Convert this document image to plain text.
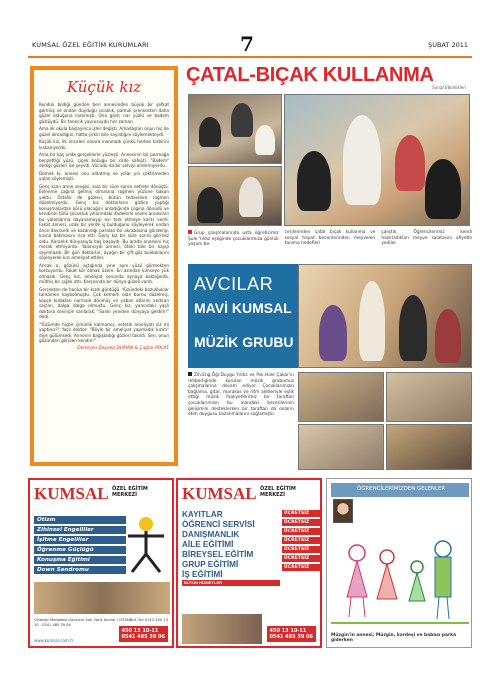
KUMSAL ÖZEL EĞİTİM KURUMLARI	7	ŞUBAT 2011
Küçük kız

Kendini bildiği günden beri annesinden büyük bir şefkat görmüş ve ondan duyduğu sıcaklık, pamuk prensesten daha güzel olduğuna inanmıştı. Ona göre; nar yüzlü ve badem gözlüydü. Bir tanecik yavrusuydu her zaman.

Ama ilk okula başlayınca işler değişti. Arkadaşları onun hiç de güzel olmadığını, hatta çirkin bile sayıldığını söylemekteydi.

Küçük kız, ilk önceleri onlara inanmadı çünkü herkes birbirini kıskanıyordu.

Ama bir kaç yılda gerçeklerle yüzleşti. Annesinin bir parmağa benzettiği yüzü, çiçek bozuğu bir cilde sahipti. "Badem" dediği gözleri ise şeyvdi. Vücudu da bir selviyi andırmıyordu.

Demek ki, annesi onu aldatmış ve yıllar yılı çektirmeden yalan söylemişti.

Genç kızın anne sevgisi, kısa bir süre sonra nefrete dönüştü. Evlenme çağına gelmiş olmasına rağmen yüzüne bakan yoktu. Üstelik de gözleri, bütün tedavilere rağmen düzelmiyordu. Genç kız doktorların gizlice yaptığı konuşmalardan körü olacağını anladığında çılgına dönüdü ve kendisini tüllü çocukluk yıllarındaki ifadelerle seven annesinin bu yalanlarına dayanamayıp evi terk etmeye karar verdi. Fakat annesi, uzak bir yerde iş bulduğunu söyleyerek ondan önce davrandı ve kazandığı paraları bir akrabasına gönderip, kızına bakmasını rica etti. Genç kız bir süre sonra görmez oldu. Karanlık dünyasıyla baş başaydı. Bu arada annesini hiç merak etmiyordu. Yalancıydı annesi, öteki bile bir kayıp sayılmazdı. Bir gün doktorlar, ayağın bir çift göz bulduklarını söyleyerek kızı ameliyat ettiler.

Ancak o, gözünü açtığında yine aynı yüzü görmekten korkuyordu. Fakat kör olmak üzere. En azından kimseye yük olmazdı. Genç kız, ameliyat sonunda aynaya baktığında, müthiş bir çığlık attı. Karşısında bir dünya güzeli vardı.

Gerçekten de harika bir kızdı gördüğü. Yüzündeki bozukluklar tamamen kaybolmuştu. Çok kemerli olan burnu düzelmiş, kepçe kulakları normale dönmüş ve yaban otlarını andıran saçları, dalga dalga olmuştu. Genç kız, yanındaki yaşlı doktora sevinçle sarılarak: "Sanki yeniden dünyaya geldim!" dedi.

"Yüzümde hiçbir çirkinlik kalmamış, estetik ameliyatı siz mi yaptınız?" Yaşlı doktor: "Böyle bir ameliyat yapmadık kızım" diye gülümsedi. Annenin bağışladığı gözleri takıldı. Sen, onun gözünden görülen kendin!"

Derleyen Zeynep DUMAN & Çağlar POLAT
ÇATAL-BIÇAK KULLANMA
Sanat Etkinlikleri

Grup çalışmalarında usta öğreticimiz Şule Yıldız eşliğinde çocuklarımıza günlük yaşam be-

cerilerinden çatal bıçak kullanma ve sosyal hayat becerilerinden meyveleri tanıma hedefleri

çalıştık. Öğrencilerimiz kendi hazırladıkları meyve salatasını afiyetle yediler.

AVCILAR
MAVİ KUMSAL
MÜZİK GRUBU

Zih.Eng.Öğr.Duygu Yıldız ve Psk.Hale Çakar'ın rehberliğinde kurulan müzik grubumuz çalışmalarına devam ediyor. Çocuklarımızın bağlama, gitar, marakas ve ritm aletleriyle eşlik ettiği müzik faaliyetlerimiz bir taraftan çocuklarımızın bu alandaki becerilerinin gelişimini desteklerken bir taraftan da onların etim duygusu kazanmalarını sağlamıştır.

KUMSAL ÖZEL EĞİTİM MERKEZİ
Otizm
Zihinsel Engelliler
İşitme Engelliler
Öğrenme Güçlüğü
Konuşma Eğitimi
Down Sendromu
Cihangir Mahallesi Güvercin Sok. No:4 Avcılar / İSTANBUL Tel: 0212 450 13 10 - 0541 485 39 06
www.kumsal.com.tr
450 13 10-11
0541 485 39 06
KUMSAL ÖZEL EĞİTİM MERKEZİ
KAYITLAR
ÖĞRENCİ SERVİSİ
DANIŞMANLIK
AİLE EĞİTİMİ
BİREYSEL EĞİTİM
GRUP EĞİTİMİ
İŞ EĞİTİMİ
BÜTÜN HİZMETLER
ÜCRETSİZ
ÜCRETSİZ
ÜCRETSİZ
ÜCRETSİZ
ÜCRETSİZ
ÜCRETSİZ
ÜCRETSİZ
450 13 10-11
0541 485 39 06
ÖĞRENCİLERİMİZDEN GELENLER
Müzgin'in annesi, Müzgin, kardeşi ve babası parka giderken
